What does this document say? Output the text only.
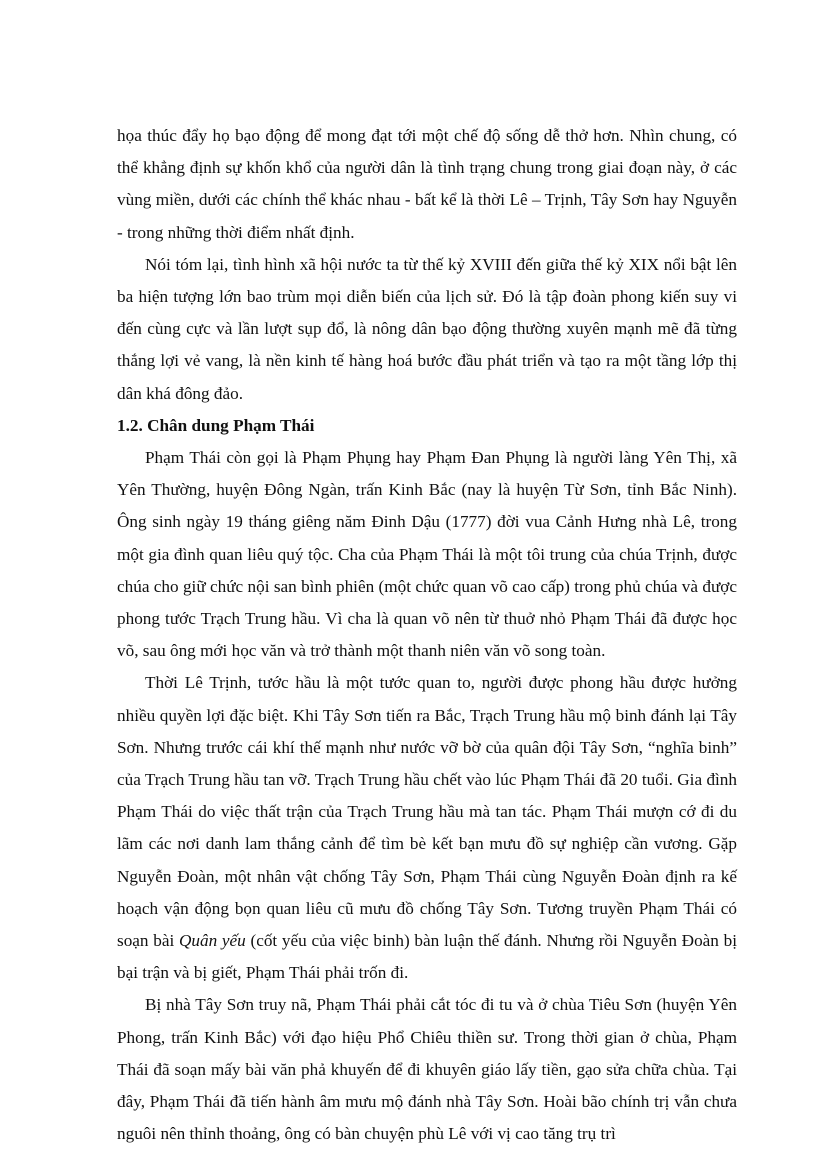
họa thúc đẩy họ bạo động để mong đạt tới một chế độ sống dễ thở hơn. Nhìn chung, có thể khẳng định sự khốn khổ của người dân là tình trạng chung trong giai đoạn này, ở các vùng miền, dưới các chính thể khác nhau - bất kể là thời Lê – Trịnh, Tây Sơn hay Nguyễn - trong những thời điểm nhất định.

Nói tóm lại, tình hình xã hội nước ta từ thế kỷ XVIII đến giữa thế kỷ XIX nổi bật lên ba hiện tượng lớn bao trùm mọi diễn biến của lịch sử. Đó là tập đoàn phong kiến suy vi đến cùng cực và lần lượt sụp đổ, là nông dân bạo động thường xuyên mạnh mẽ đã từng thắng lợi vẻ vang, là nền kinh tế hàng hoá bước đầu phát triển và tạo ra một tầng lớp thị dân khá đông đảo.

1.2. Chân dung Phạm Thái

Phạm Thái còn gọi là Phạm Phụng hay Phạm Đan Phụng là người làng Yên Thị, xã Yên Thường, huyện Đông Ngàn, trấn Kinh Bắc (nay là huyện Từ Sơn, tỉnh Bắc Ninh). Ông sinh ngày 19 tháng giêng năm Đinh Dậu (1777) đời vua Cảnh Hưng nhà Lê, trong một gia đình quan liêu quý tộc. Cha của Phạm Thái là một tôi trung của chúa Trịnh, được chúa cho giữ chức nội san bình phiên (một chức quan võ cao cấp) trong phủ chúa và được phong tước Trạch Trung hầu. Vì cha là quan võ nên từ thuở nhỏ Phạm Thái đã được học võ, sau ông mới học văn và trở thành một thanh niên văn võ song toàn.

Thời Lê Trịnh, tước hầu là một tước quan to, người được phong hầu được hưởng nhiều quyền lợi đặc biệt. Khi Tây Sơn tiến ra Bắc, Trạch Trung hầu mộ binh đánh lại Tây Sơn. Nhưng trước cái khí thế mạnh như nước vỡ bờ của quân đội Tây Sơn, “nghĩa binh” của Trạch Trung hầu tan vỡ. Trạch Trung hầu chết vào lúc Phạm Thái đã 20 tuổi. Gia đình Phạm Thái do việc thất trận của Trạch Trung hầu mà tan tác. Phạm Thái mượn cớ đi du lãm các nơi danh lam thắng cảnh để tìm bè kết bạn mưu đồ sự nghiệp cần vương. Gặp Nguyễn Đoàn, một nhân vật chống Tây Sơn, Phạm Thái cùng Nguyễn Đoàn định ra kế hoạch vận động bọn quan liêu cũ mưu đồ chống Tây Sơn. Tương truyền Phạm Thái có soạn bài Quân yếu (cốt yếu của việc binh) bàn luận thế đánh. Nhưng rồi Nguyễn Đoàn bị bại trận và bị giết, Phạm Thái phải trốn đi.

Bị nhà Tây Sơn truy nã, Phạm Thái phải cắt tóc đi tu và ở chùa Tiêu Sơn (huyện Yên Phong, trấn Kinh Bắc) với đạo hiệu Phổ Chiêu thiền sư. Trong thời gian ở chùa, Phạm Thái đã soạn mấy bài văn phả khuyến để đi khuyên giáo lấy tiền, gạo sửa chữa chùa. Tại đây, Phạm Thái đã tiến hành âm mưu mộ đánh nhà Tây Sơn. Hoài bão chính trị vẫn chưa nguôi nên thỉnh thoảng, ông có bàn chuyện phù Lê với vị cao tăng trụ trì
